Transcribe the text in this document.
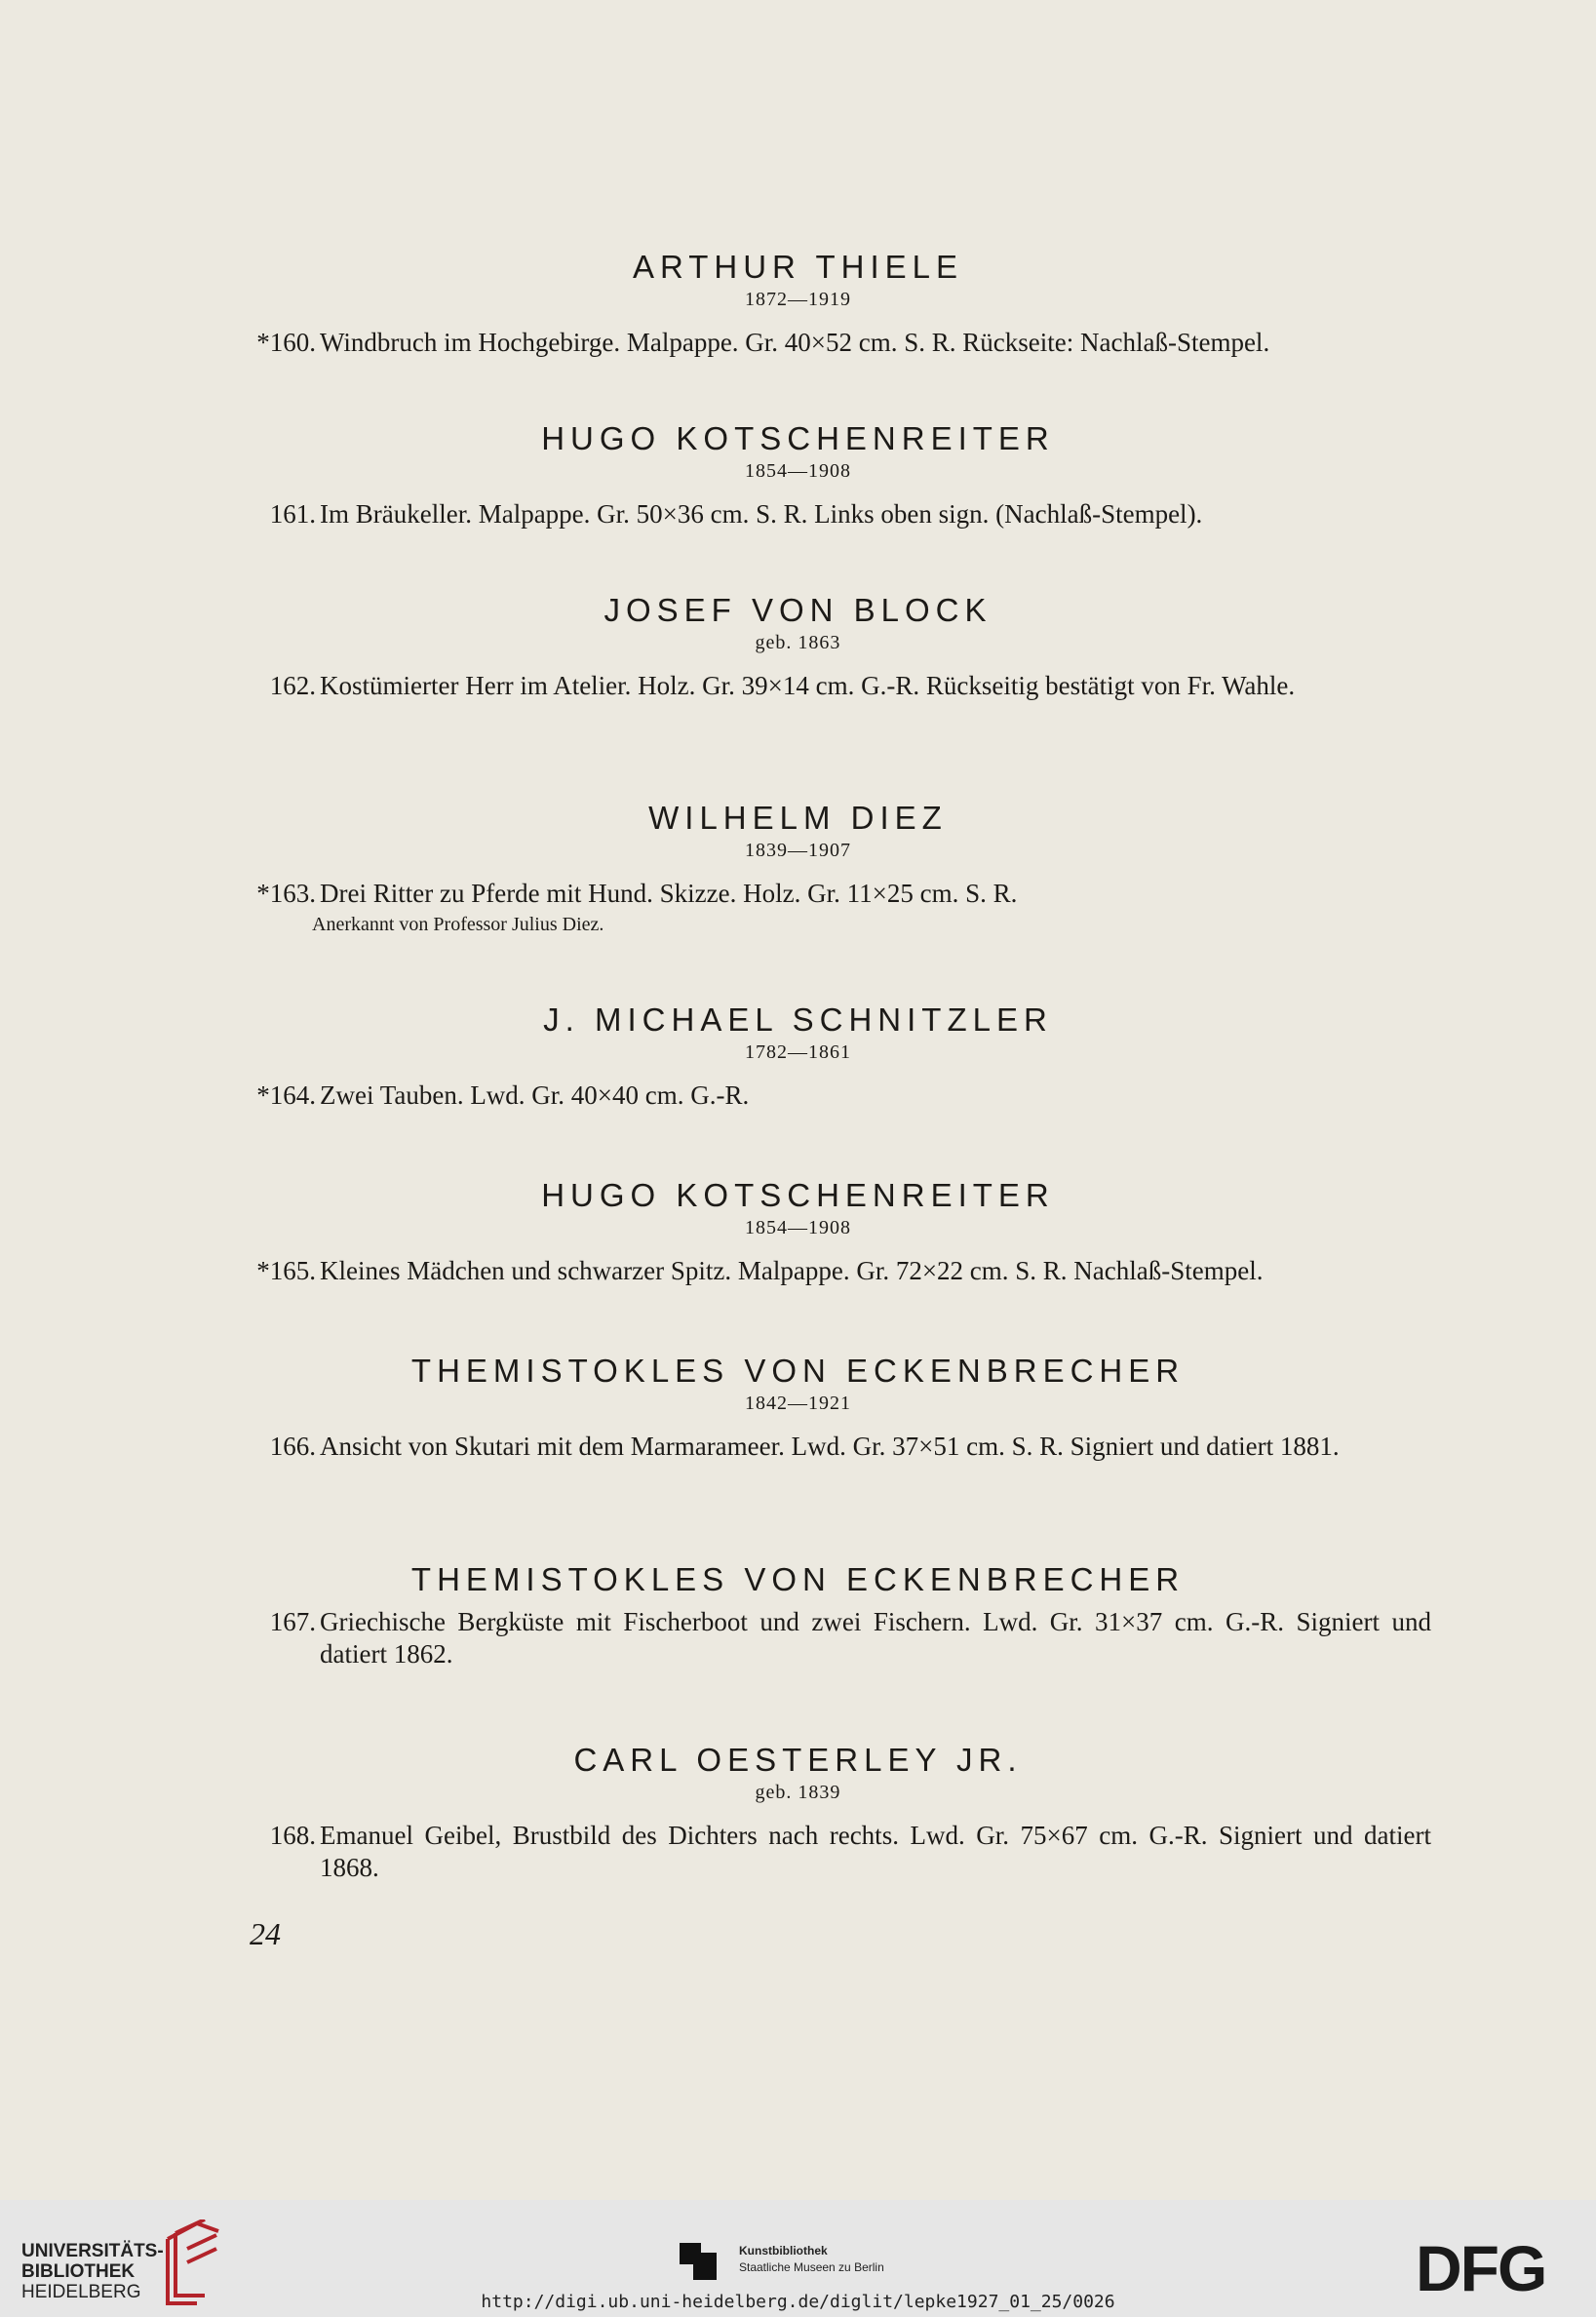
ARTHUR THIELE
1872—1919
*160. Windbruch im Hochgebirge. Malpappe. Gr. 40×52 cm. S. R. Rückseite: Nachlaß-Stempel.
HUGO KOTSCHENREITER
1854—1908
161. Im Bräukeller. Malpappe. Gr. 50×36 cm. S. R. Links oben sign. (Nachlaß-Stempel).
JOSEF VON BLOCK
geb. 1863
162. Kostümierter Herr im Atelier. Holz. Gr. 39×14 cm. G.-R. Rückseitig bestätigt von Fr. Wahle.
WILHELM DIEZ
1839—1907
*163. Drei Ritter zu Pferde mit Hund. Skizze. Holz. Gr. 11×25 cm. S. R.
Anerkannt von Professor Julius Diez.
J. MICHAEL SCHNITZLER
1782—1861
*164. Zwei Tauben. Lwd. Gr. 40×40 cm. G.-R.
HUGO KOTSCHENREITER
1854—1908
*165. Kleines Mädchen und schwarzer Spitz. Malpappe. Gr. 72×22 cm. S. R. Nachlaß-Stempel.
THEMISTOKLES VON ECKENBRECHER
1842—1921
166. Ansicht von Skutari mit dem Marmarameer. Lwd. Gr. 37×51 cm. S. R. Signiert und datiert 1881.
THEMISTOKLES VON ECKENBRECHER
167. Griechische Bergküste mit Fischerboot und zwei Fischern. Lwd. Gr. 31×37 cm. G.-R. Signiert und datiert 1862.
CARL OESTERLEY JR.
geb. 1839
168. Emanuel Geibel, Brustbild des Dichters nach rechts. Lwd. Gr. 75×67 cm. G.-R. Signiert und datiert 1868.
24
UNIVERSITÄTS-
BIBLIOTHEK
HEIDELBERG
Kunstbibliothek
Staatliche Museen zu Berlin	DFG
http://digi.ub.uni-heidelberg.de/diglit/lepke1927_01_25/0026
